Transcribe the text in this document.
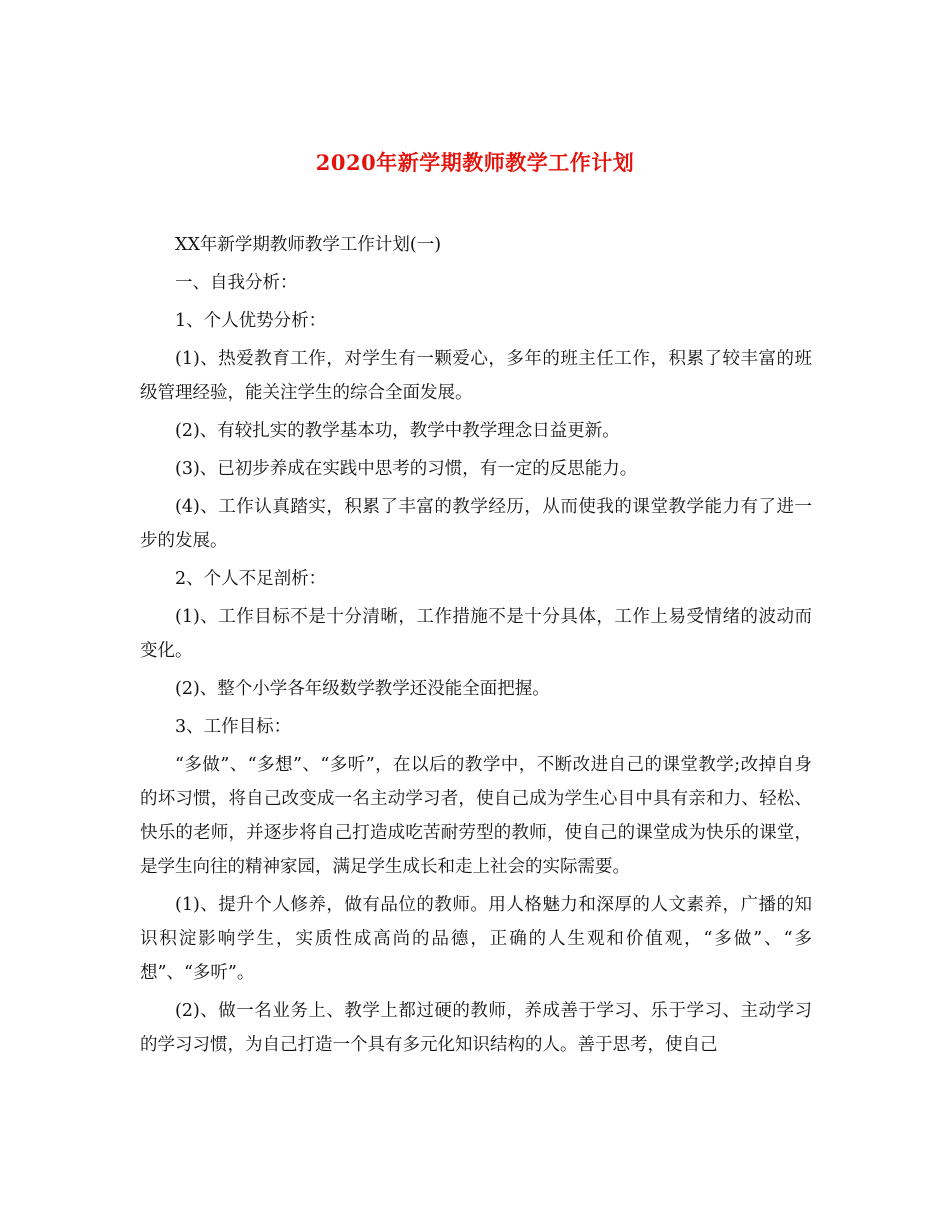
2020年新学期教师教学工作计划

XX年新学期教师教学工作计划(一)

一、自我分析：

1、个人优势分析：

(1)、热爱教育工作，对学生有一颗爱心，多年的班主任工作，积累了较丰富的班级管理经验，能关注学生的综合全面发展。

(2)、有较扎实的教学基本功，教学中教学理念日益更新。

(3)、已初步养成在实践中思考的习惯，有一定的反思能力。

(4)、工作认真踏实，积累了丰富的教学经历，从而使我的课堂教学能力有了进一步的发展。

2、个人不足剖析：

(1)、工作目标不是十分清晰，工作措施不是十分具体，工作上易受情绪的波动而变化。

(2)、整个小学各年级数学教学还没能全面把握。

3、工作目标：

“多做”、“多想”、“多听”，在以后的教学中，不断改进自己的课堂教学;改掉自身的坏习惯，将自己改变成一名主动学习者，使自己成为学生心目中具有亲和力、轻松、快乐的老师，并逐步将自己打造成吃苦耐劳型的教师，使自己的课堂成为快乐的课堂，是学生向往的精神家园，满足学生成长和走上社会的实际需要。

(1)、提升个人修养，做有品位的教师。用人格魅力和深厚的人文素养，广播的知识积淀影响学生，实质性成高尚的品德，正确的人生观和价值观，“多做”、“多想”、“多听”。

(2)、做一名业务上、教学上都过硬的教师，养成善于学习、乐于学习、主动学习的学习习惯，为自己打造一个具有多元化知识结构的人。善于思考，使自己
